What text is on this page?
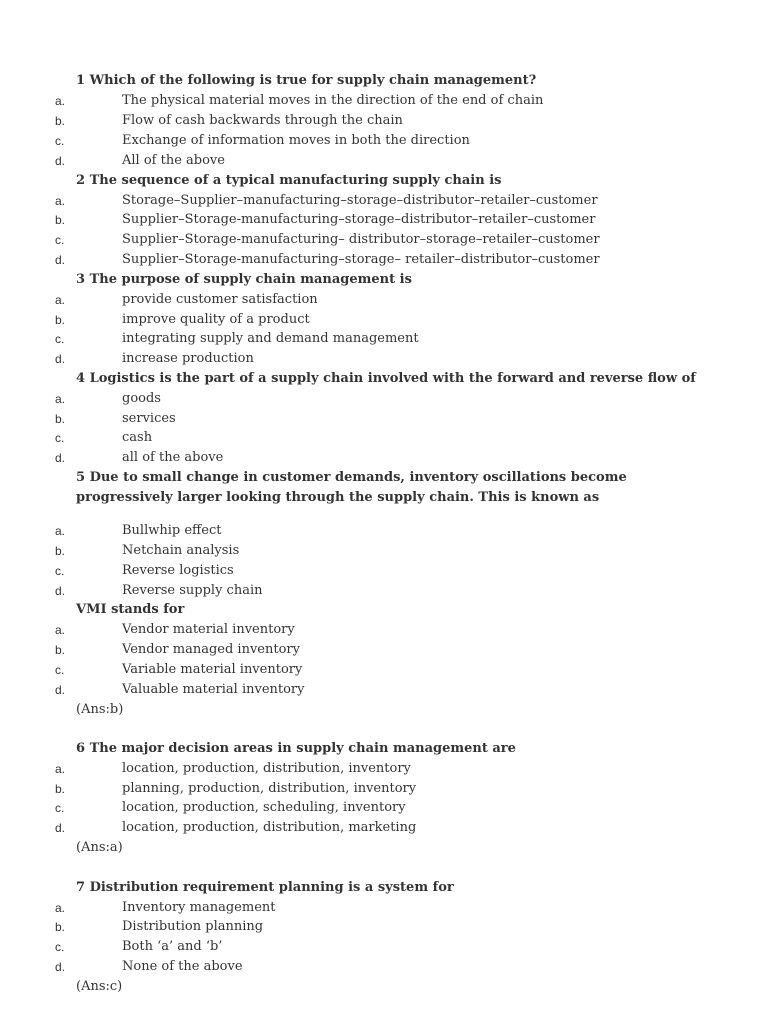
1 Which of the following is true for supply chain management?
a.	The physical material moves in the direction of the end of chain
b.	Flow of cash backwards through the chain
c.	Exchange of information moves in both the direction
d.	All of the above
2 The sequence of a typical manufacturing supply chain is
a.	Storage–Supplier–manufacturing–storage–distributor–retailer–customer
b.	Supplier–Storage-manufacturing–storage–distributor–retailer–customer
c.	Supplier–Storage-manufacturing– distributor–storage–retailer–customer
d.	Supplier–Storage-manufacturing–storage– retailer–distributor–customer
3 The purpose of supply chain management is
a.	provide customer satisfaction
b.	improve quality of a product
c.	integrating supply and demand management
d.	increase production
4 Logistics is the part of a supply chain involved with the forward and reverse flow of
a.	goods
b.	services
c.	cash
d.	all of the above
5 Due to small change in customer demands, inventory oscillations become progressively larger looking through the supply chain. This is known as
a.	Bullwhip effect
b.	Netchain analysis
c.	Reverse logistics
d.	Reverse supply chain
VMI stands for
a.	Vendor material inventory
b.	Vendor managed inventory
c.	Variable material inventory
d.	Valuable material inventory
(Ans:b)
6 The major decision areas in supply chain management are
a.	location, production, distribution, inventory
b.	planning, production, distribution, inventory
c.	location, production, scheduling, inventory
d.	location, production, distribution, marketing
(Ans:a)
7 Distribution requirement planning is a system for
a.	Inventory management
b.	Distribution planning
c.	Both ‘a’ and ‘b’
d.	None of the above
(Ans:c)
